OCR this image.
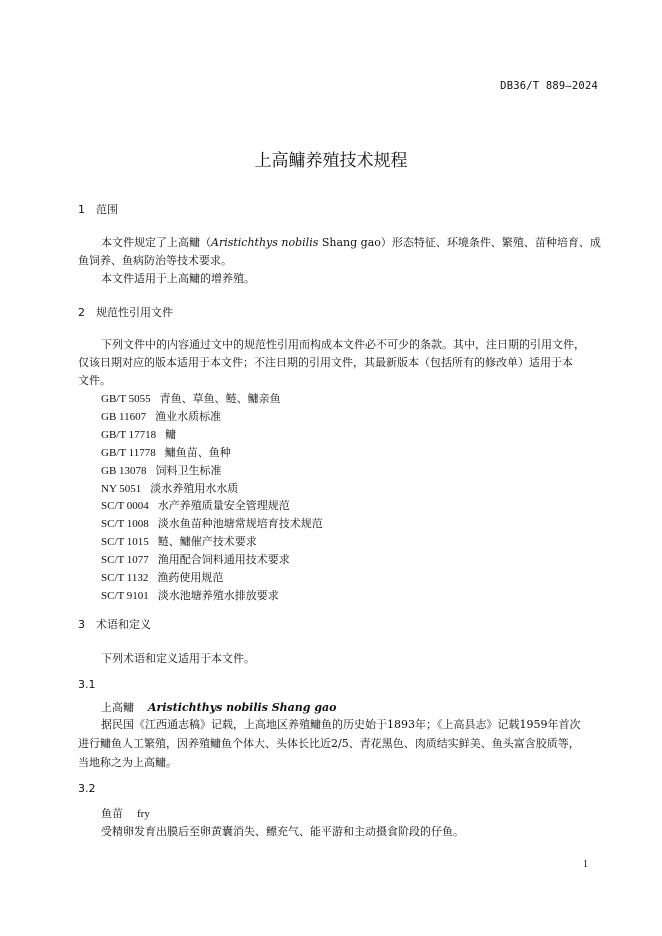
DB36/T 889—2024
上高鳙养殖技术规程
1 范围
本文件规定了上高鳙（Aristichthys nobilis Shang gao）形态特征、环境条件、繁殖、苗种培育、成
鱼饲养、鱼病防治等技术要求。
本文件适用于上高鳙的增养殖。
2 规范性引用文件
下列文件中的内容通过文中的规范性引用而构成本文件必不可少的条款。其中，注日期的引用文件，
仅该日期对应的版本适用于本文件；不注日期的引用文件，其最新版本（包括所有的修改单）适用于本
文件。
GB/T 5055 青鱼、草鱼、鲢、鳙亲鱼
GB 11607 渔业水质标准
GB/T 17718 鳙
GB/T 11778 鳙鱼苗、鱼种
GB 13078 饲料卫生标准
NY 5051 淡水养殖用水水质
SC/T 0004 水产养殖质量安全管理规范
SC/T 1008 淡水鱼苗种池塘常规培育技术规范
SC/T 1015 鲢、鳙催产技术要求
SC/T 1077 渔用配合饲料通用技术要求
SC/T 1132 渔药使用规范
SC/T 9101 淡水池塘养殖水排放要求
3 术语和定义
下列术语和定义适用于本文件。
3.1
上高鳙 Aristichthys nobilis Shang gao
据民国《江西通志稿》记载，上高地区养殖鳙鱼的历史始于1893年；《上高县志》记载1959年首次
进行鳙鱼人工繁殖，因养殖鳙鱼个体大、头体长比近2/5、青花黑色、肉质结实鲜美、鱼头富含胶质等，
当地称之为上高鳙。
3.2
鱼苗 fry
受精卵发育出膜后至卵黄囊消失、鳔充气、能平游和主动摄食阶段的仔鱼。
1
